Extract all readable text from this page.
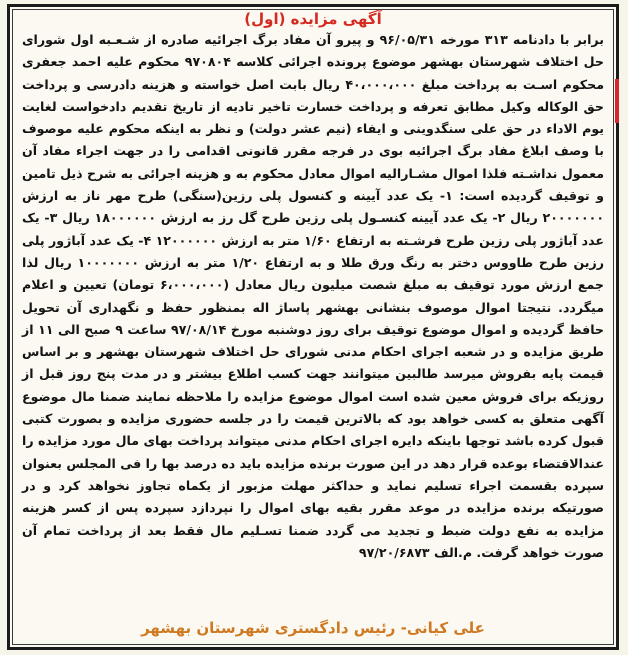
آگهی مزایده (اول)

برابر با دادنامه ۳۱۳ مورخه ۹۶/۰۵/۳۱ و پیرو آن مفاد برگ اجرائیه صادره از شـعـبه اول شورای حل اختلاف شهرستان بهشهر موضوع پرونده اجرائی کلاسه ۹۷۰۸۰۴ محکوم علیه احمد جعفری محکوم اسـت به پرداخت مبلغ ۴۰،۰۰۰،۰۰۰ ریال بابت اصل خواسته و هزینه دادرسی و پرداخت حق الوکاله وکیل مطابق تعرفه و پرداخت خسارت تاخیر تادیه از تاریخ تقدیم دادخواست لغایت یوم الاداء در حق علی سنگدوینی و ایفاء (نیم عشر دولت) و نظر به اینکه محکوم علیه موصوف با وصف ابلاغ مفاد برگ اجرائیه بوی در فرجه مقرر قانونی اقدامی را در جهت اجراء مفاد آن معمول نداشـته فلذا اموال مشـاراليه اموال معادل محکوم به و هزینه اجرائی به شرح ذیل تامین و توقیف گردیده است: ۱- یک عدد آیینه و کنسول پلی رزین(سنگی) طرح مهر ناز به ارزش ۲۰۰۰۰۰۰۰ ریال ۲- یک عدد آیینه کنسـول پلی رزین طرح گل رز به ارزش ۱۸۰۰۰۰۰۰ ریال ۳- یک عدد آباژور پلی رزین طرح فرشـته به ارتفاع ۱/۶۰ متر به ارزش ۱۲۰۰۰۰۰۰ ۴- یک عدد آباژور پلی رزین طرح طاووس دختر به رنگ ورق طلا و به ارتفاع ۱/۲۰ متر به ارزش ۱۰۰۰۰۰۰۰ ریال لذا جمع ارزش مورد توقیف به مبلغ شصت میلیون ریال معادل (۶،۰۰۰،۰۰۰ تومان) تعیین و اعلام میگردد. نتیجتا اموال موصوف بنشانی بهشهر پاساژ اله بمنظور حفظ و نگهداری آن تحویل حافظ گردیده و اموال موضوع توقیف برای روز دوشنبه مورخ ۹۷/۰۸/۱۴ ساعت ۹ صبح الی ۱۱ از طریق مزایده و در شعبه اجرای احکام مدنی شورای حل اختلاف شهرستان بهشهر و بر اساس قیمت پایه بفروش میرسد طالبین میتوانند جهت کسب اطلاع بیشتر و در مدت پنج روز قبل از روزیکه برای فروش معین شده است اموال موضوع مزایده را ملاحظه نمایند ضمنا مال موضوع آگهی متعلق به کسی خواهد بود که بالاترین قیمت را در جلسه حضوری مزایده و بصورت کتبی قبول کرده باشد توجها باینکه دایره اجرای احکام مدنی میتواند پرداخت بهای مال مورد مزایده را عندالاقتضاء بوعده قرار دهد در این صورت برنده مزایده باید ده درصد بها را فی المجلس بعنوان سپرده بقسمت اجراء تسلیم نماید و حداکثر مهلت مزبور از یکماه تجاوز نخواهد کرد و در صورتیکه برنده مزایده در موعد مقرر بقیه بهای اموال را نپردازد سپرده پس از کسر هزینه مزایده به نفع دولت ضبط و تجدید می گردد ضمنا تسـلیم مال فقط بعد از پرداخت تمام آن صورت خواهد گرفت. م.الف ۹۷/۲۰/۶۸۷۳

علی کیانی- رئیس دادگستری شهرستان بهشهر
